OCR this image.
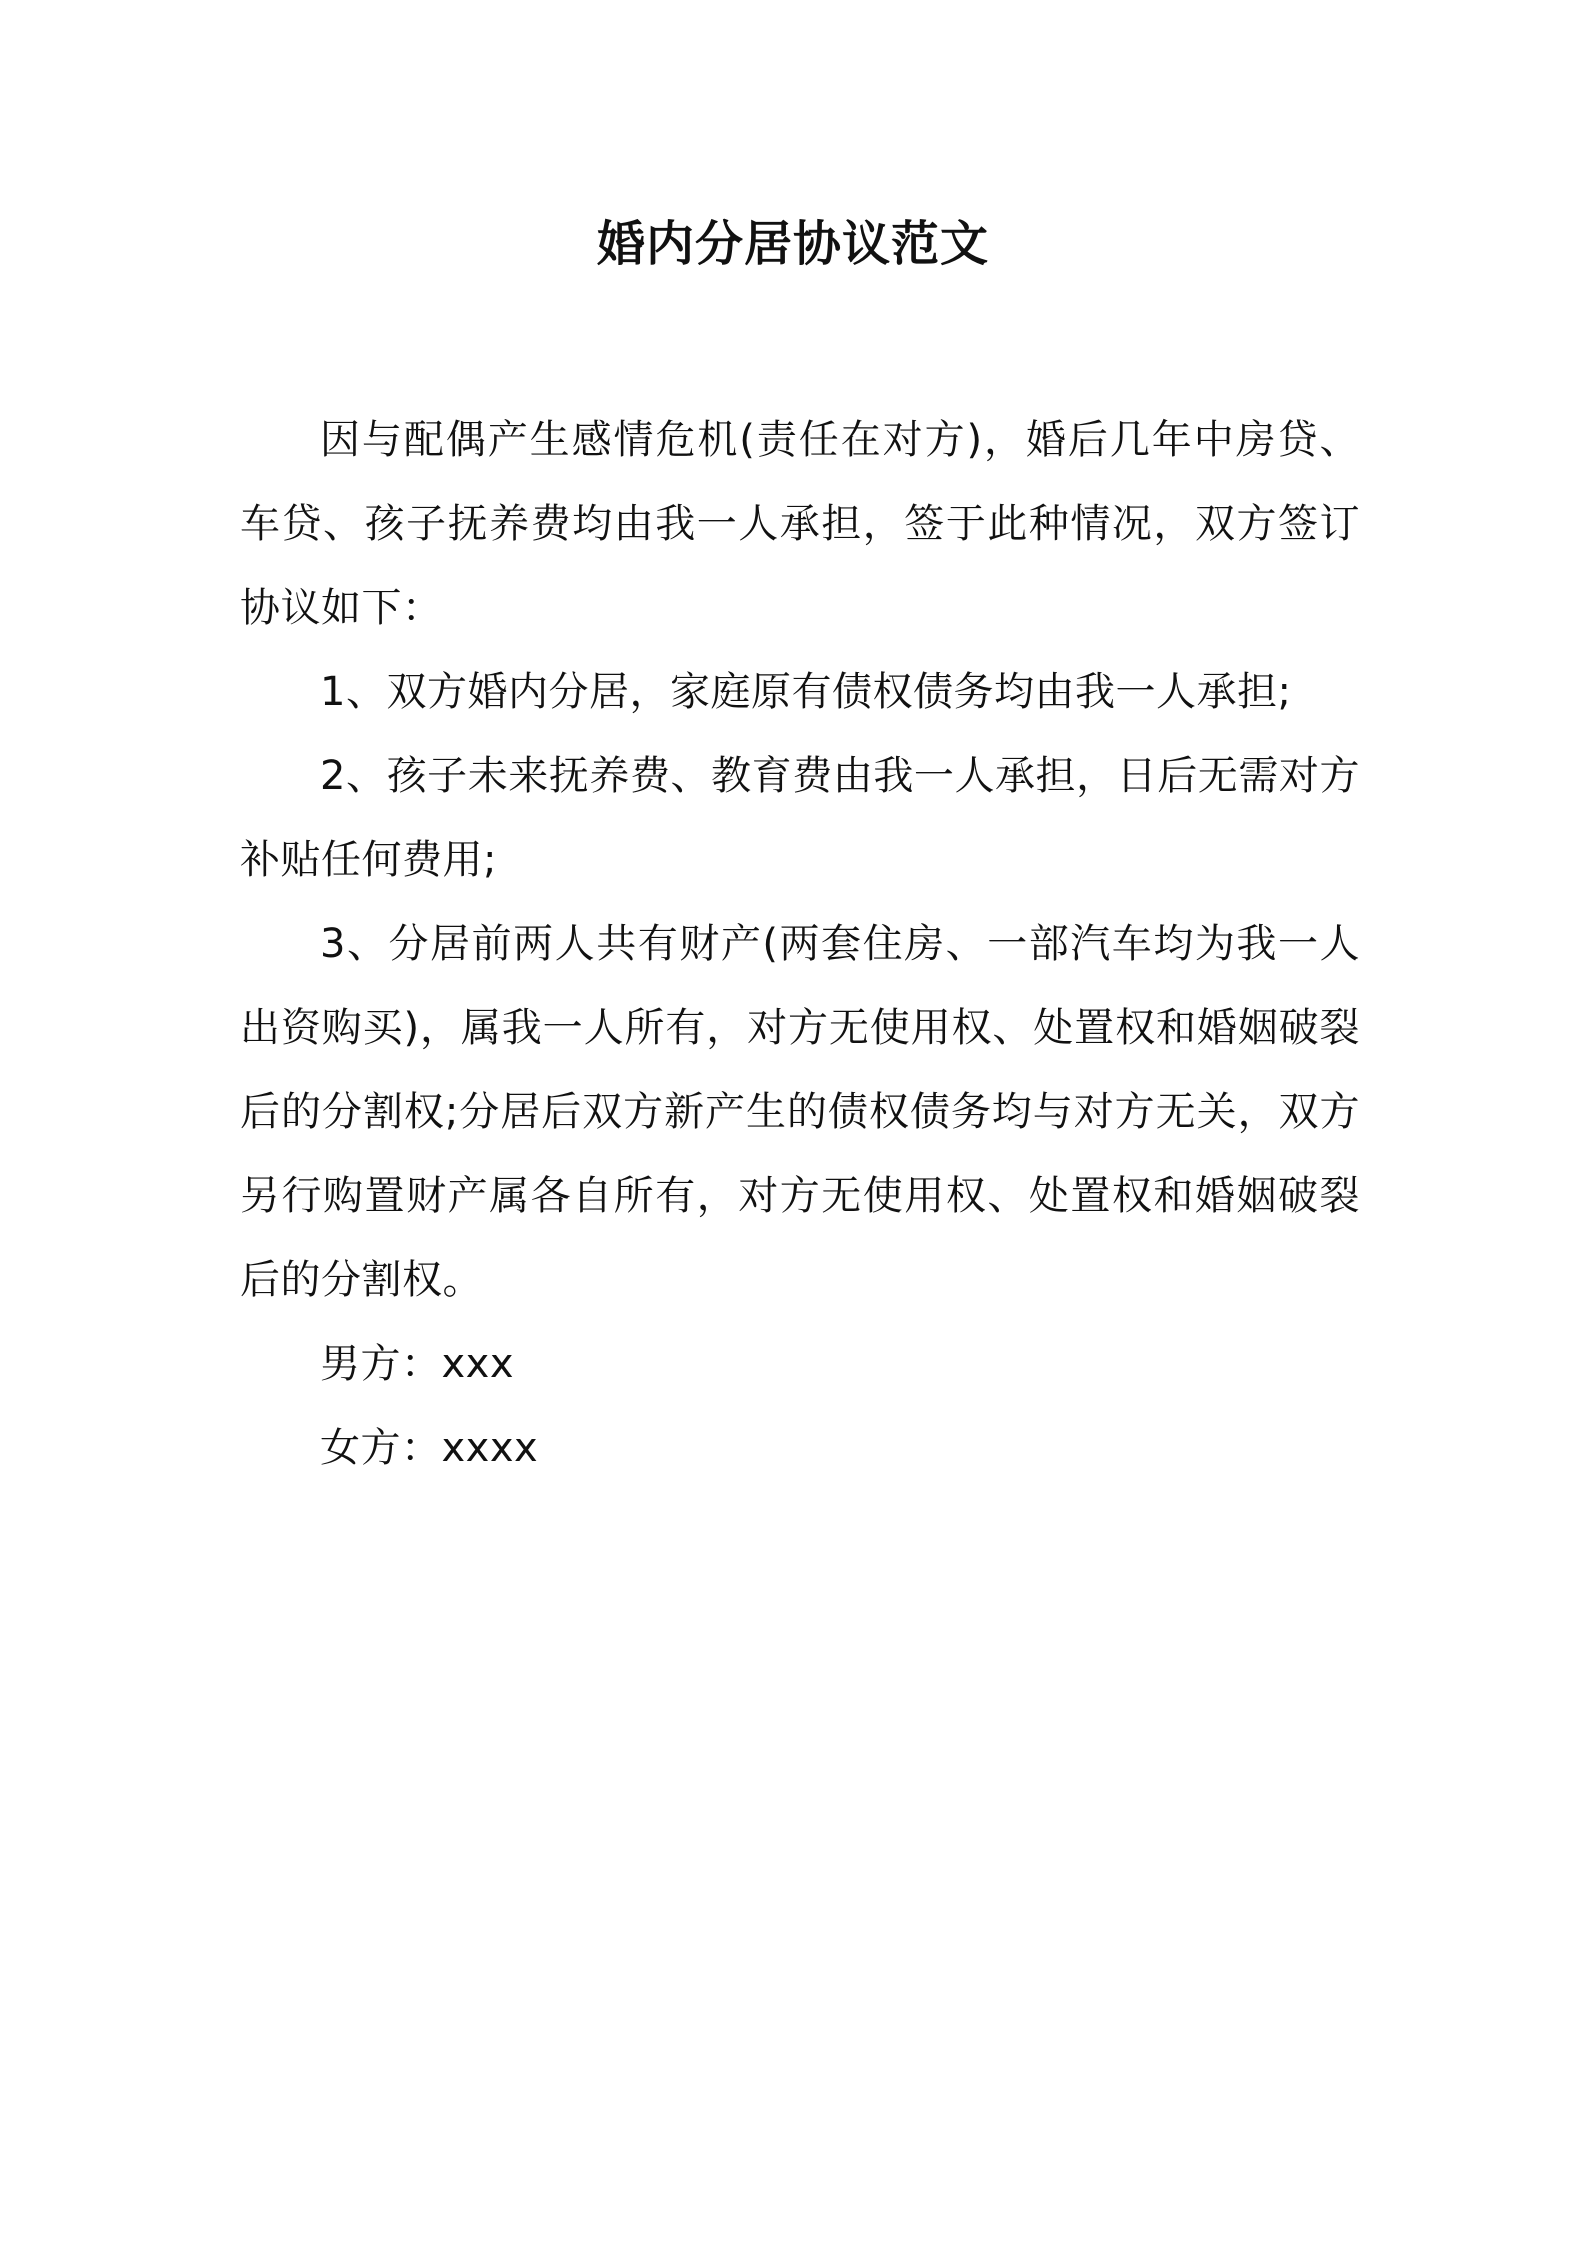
婚内分居协议范文

因与配偶产生感情危机(责任在对方)，婚后几年中房贷、车贷、孩子抚养费均由我一人承担，签于此种情况，双方签订协议如下：

1、双方婚内分居，家庭原有债权债务均由我一人承担;

2、孩子未来抚养费、教育费由我一人承担，日后无需对方补贴任何费用;

3、分居前两人共有财产(两套住房、一部汽车均为我一人出资购买)，属我一人所有，对方无使用权、处置权和婚姻破裂后的分割权;分居后双方新产生的债权债务均与对方无关，双方另行购置财产属各自所有，对方无使用权、处置权和婚姻破裂后的分割权。

男方：xxx

女方：xxxx
